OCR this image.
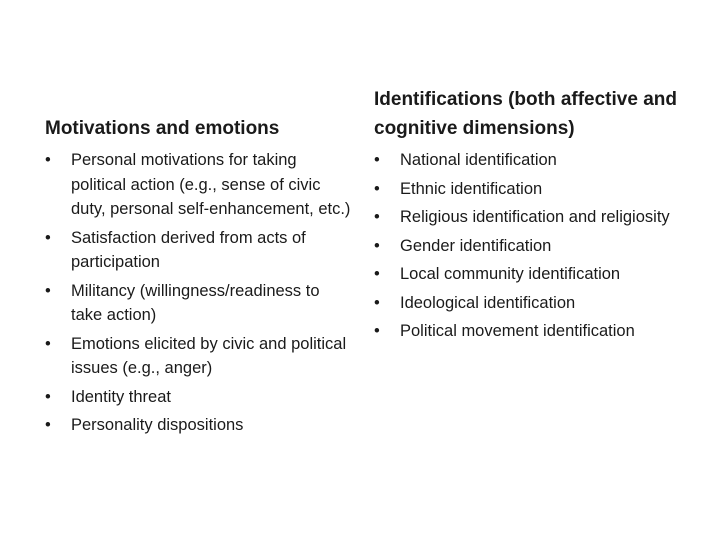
Motivations and emotions
•	Personal motivations for taking political action (e.g., sense of civic duty, personal self-enhancement, etc.)
•	Satisfaction derived from acts of participation
•	Militancy (willingness/readiness to take action)
•	Emotions elicited by civic and political issues (e.g., anger)
•	Identity threat
•	Personality dispositions
Identifications (both affective and cognitive dimensions)
•	National identification
•	Ethnic identification
•	Religious identification and religiosity
•	Gender identification
•	Local community identification
•	Ideological identification
•	Political movement identification
